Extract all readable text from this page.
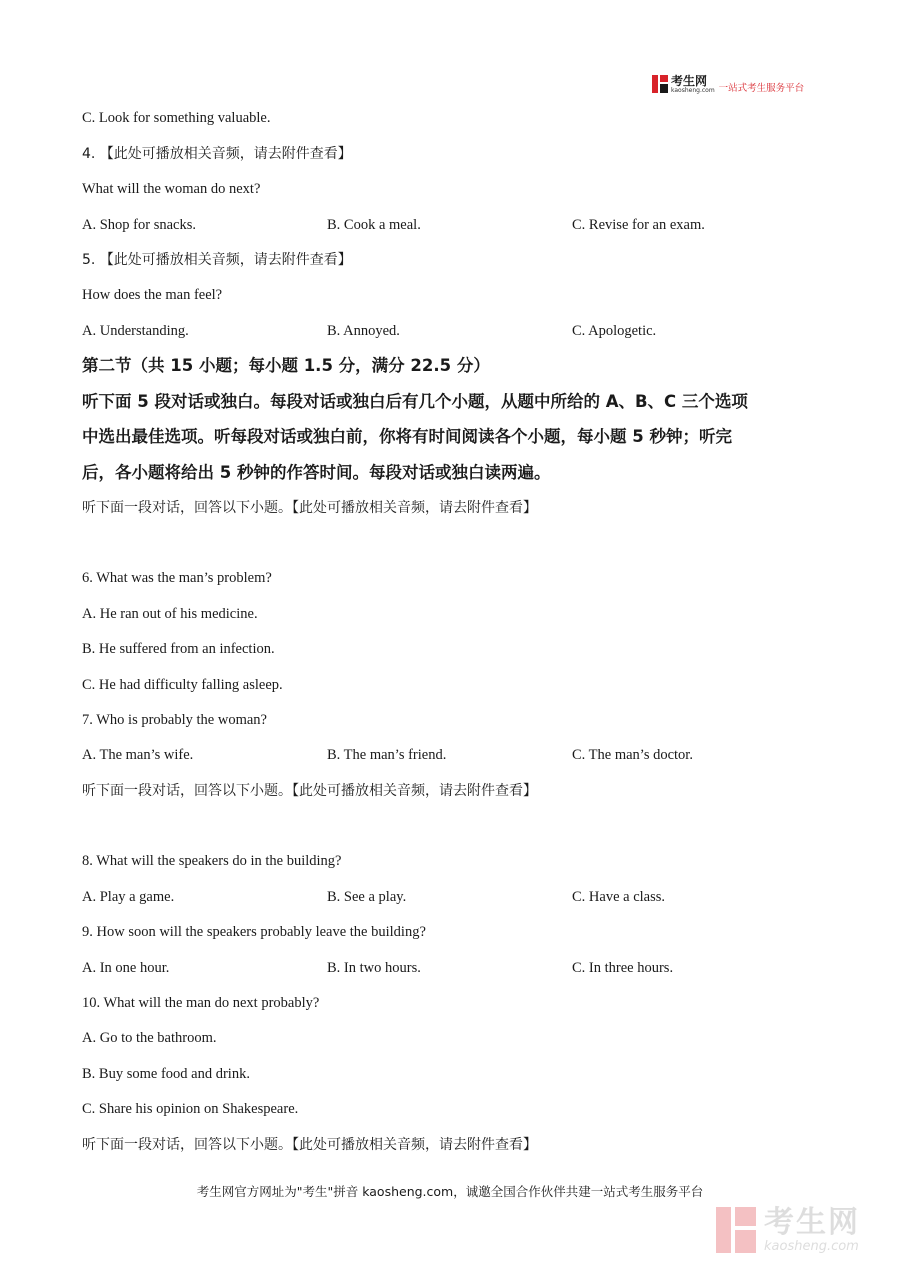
考生网
kaosheng.com 一站式考生服务平台
C. Look for something valuable.
4. 【此处可播放相关音频，请去附件查看】
What will the woman do next?
A. Shop for snacks.	B. Cook a meal.	C. Revise for an exam.
5. 【此处可播放相关音频，请去附件查看】
How does the man feel?
A. Understanding.	B. Annoyed.	C. Apologetic.
第二节（共 15 小题；每小题 1.5 分，满分 22.5 分）
听下面 5 段对话或独白。每段对话或独白后有几个小题，从题中所给的 A、B、C 三个选项
中选出最佳选项。听每段对话或独白前，你将有时间阅读各个小题，每小题 5 秒钟；听完
后，各小题将给出 5 秒钟的作答时间。每段对话或独白读两遍。
听下面一段对话，回答以下小题。【此处可播放相关音频，请去附件查看】
6. What was the man’s problem?
A. He ran out of his medicine.
B. He suffered from an infection.
C. He had difficulty falling asleep.
7. Who is probably the woman?
A. The man’s wife.	B. The man’s friend.	C. The man’s doctor.
听下面一段对话，回答以下小题。【此处可播放相关音频，请去附件查看】
8. What will the speakers do in the building?
A. Play a game.	B. See a play.	C. Have a class.
9. How soon will the speakers probably leave the building?
A. In one hour.	B. In two hours.	C. In three hours.
10. What will the man do next probably?
A. Go to the bathroom.
B. Buy some food and drink.
C. Share his opinion on Shakespeare.
听下面一段对话，回答以下小题。【此处可播放相关音频，请去附件查看】
考生网官方网址为"考生"拼音 kaosheng.com，诚邀全国合作伙伴共建一站式考生服务平台
考生网
kaosheng.com
